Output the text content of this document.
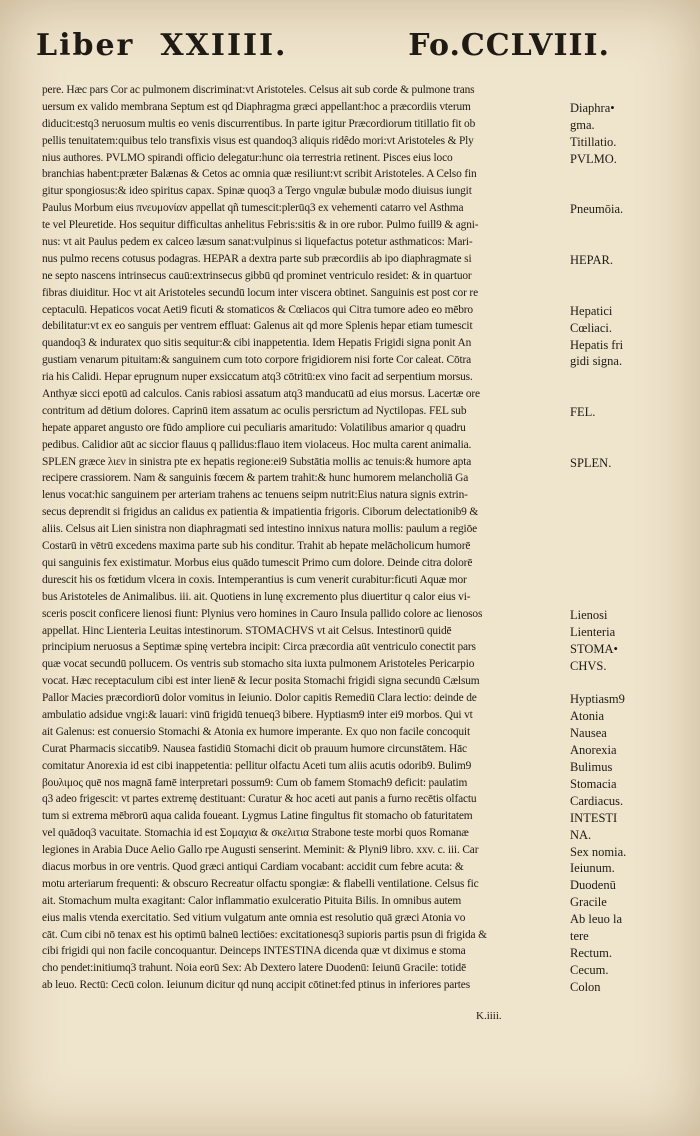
Liber XXIIII.	Fo.CCLVIII.
pere. Hæc pars Cor ac pulmonem discriminat:vt Aristoteles. Celsus ait sub corde & pulmone trans
uersum ex valido membrana Septum est qd Diaphragma græci appellant:hoc a præcordiis vterum
diducit:estq3 neruosum multis eo venis discurrentibus. In parte igitur Præcordiorum titillatio fit ob
pellis tenuitatem:quibus telo transfixis visus est quandoq3 aliquis ridêdo mori:vt Aristoteles & Ply
nius authores. PVLMO spirandi officio delegatur:hunc oia terrestria retinent. Pisces eius loco
branchias habent:præter Balænas & Cetos ac omnia quæ resiliunt:vt scribit Aristoteles. A Celso fin
gitur spongiosus:& ideo spiritus capax. Spinæ quoq3 a Tergo vngulæ bubulæ modo diuisus iungit
Paulus Morbum eius πνευμονίαν appellat qñ tumescit:plerūq3 ex vehementi catarro vel Asthma
te vel Pleuretide. Hos sequitur difficultas anhelitus Febris:sitis & in ore rubor. Pulmo fuill9 & agni-
nus: vt ait Paulus pedem ex calceo læsum sanat:vulpinus si liquefactus potetur asthmaticos: Mari-
nus pulmo recens cotusus podagras. HEPAR a dextra parte sub præcordiis ab ipo diaphragmate si
ne septo nascens intrinsecus cauū:extrinsecus gibbū qd prominet ventriculo residet: & in quartuor
fibras diuiditur. Hoc vt ait Aristoteles secundū locum inter viscera obtinet. Sanguinis est post cor re
ceptaculū. Hepaticos vocat Aeti9 ficuti & stomaticos & Cœliacos qui Citra tumore adeo eo mēbro
debilitatur:vt ex eo sanguis per ventrem effluat: Galenus ait qd more Splenis hepar etiam tumescit
quandoq3 & induratex quo sitis sequitur:& cibi inappetentia. Idem Hepatis Frigidi signa ponit An
gustiam venarum pituitam:& sanguinem cum toto corpore frigidiorem nisi forte Cor caleat. Cōtra
ria his Calidi. Hepar eprugnum nuper exsiccatum atq3 cōtritū:ex vino facit ad serpentium morsus.
Anthyæ sicci epotū ad calculos. Canis rabiosi assatum atq3 manducatū ad eius morsus. Lacertæ ore
contritum ad dētium dolores. Caprinū item assatum ac oculis persrictum ad Nyctilopas. FEL sub
hepate apparet angusto ore fūdo ampliore cui peculiaris amaritudo: Volatilibus amarior q quadru
pedibus. Calidior aūt ac siccior flauus q pallidus:flauo item violaceus. Hoc multa carent animalia.
SPLEN græce λιεν in sinistra pte ex hepatis regione:ei9 Substātia mollis ac tenuis:& humore apta
recipere crassiorem. Nam & sanguinis fœcem & partem trahit:& hunc humorem melancholiā Ga
lenus vocat:hic sanguinem per arteriam trahens ac tenuens seipm nutrit:Eius natura signis extrin-
secus deprendit si frigidus an calidus ex patientia & impatientia frigoris. Ciborum delectationib9 &
aliis. Celsus ait Lien sinistra non diaphragmati sed intestino innixus natura mollis: paulum a regiōe
Costarū in vētrū excedens maxima parte sub his conditur. Trahit ab hepate melācholicum humorē
qui sanguinis fex existimatur. Morbus eius quādo tumescit Primo cum dolore. Deinde citra dolorē
durescit his os fœtidum vlcera in coxis. Intemperantius is cum venerit curabitur:ficuti Aquæ mor
bus Aristoteles de Animalibus. iii. ait. Quotiens in lunę excremento plus diuertitur q calor eius vi-
sceris poscit conficere lienosi fiunt: Plynius vero homines in Cauro Insula pallido colore ac lienosos
appellat. Hinc Lienteria Leuitas intestinorum. STOMACHVS vt ait Celsus. Intestinorū quidē
principium neruosus a Septimæ spinę vertebra incipit: Circa præcordia aūt ventriculo conectit pars
quæ vocat secundū pollucem. Os ventris sub stomacho sita iuxta pulmonem Aristoteles Pericarpio
vocat. Hæc receptaculum cibi est inter lienē & Iecur posita Stomachi frigidi signa secundū Cælsum
Pallor Macies præcordiorū dolor vomitus in Ieiunio. Dolor capitis Remediū Clara lectio: deinde de
ambulatio adsidue vngi:& lauari: vinū frigidū tenueq3 bibere. Hyptiasm9 inter ei9 morbos. Qui vt
ait Galenus: est conuersio Stomachi & Atonia ex humore imperante. Ex quo non facile concoquit
Curat Pharmacis siccatib9. Nausea fastidiū Stomachi dicit ob prauum humore circunstātem. Hāc
comitatur Anorexia id est cibi inappetentia: pellitur olfactu Aceti tum aliis acutis odorib9. Bulim9
βουλιμος quē nos magnā famē interpretari possum9: Cum ob famem Stomach9 deficit: paulatim
q3 adeo frigescit: vt partes extremę destituant: Curatur & hoc aceti aut panis a furno recētis olfactu
tum si extrema mēbrorū aqua calida foueant. Lygmus Latine fingultus fit stomacho ob faturitatem
vel quādoq3 vacuitate. Stomachia id est Σομαχια & σκελιτια Strabone teste morbi quos Romanæ
legiones in Arabia Duce Aelio Gallo rpe Augusti senserint. Meminit: & Plyni9 libro. xxv. c. iii. Car
diacus morbus in ore ventris. Quod græci antiqui Cardiam vocabant: accidit cum febre acuta: &
motu arteriarum frequenti: & obscuro Recreatur olfactu spongiæ: & flabelli ventilatione. Celsus fic
ait. Stomachum multa exagitant: Calor inflammatio exulceratio Pituita Bilis. In omnibus autem
eius malis vtenda exercitatio. Sed vitium vulgatum ante omnia est resolutio quā græci Atonia vo
cāt. Cum cibi nō tenax est his optimū balneū lectiōes: excitationesq3 supioris partis psun di frigida &
cibi frigidi qui non facile concoquantur. Deinceps INTESTINA dicenda quæ vt diximus e stoma
cho pendet:initiumq3 trahunt. Noia eorū Sex: Ab Dextero latere Duodenū: Ieiunū Gracile: totidē
ab leuo. Rectū: Cecū colon. Ieiunum dicitur qd nunq accipit cōtinet:fed ptinus in inferiores partes
Diaphra•
gma.
Titillatio.
PVLMO.
Pneumōia.
HEPAR.
Hepatici
Cœliaci.
Hepatis fri
gidi signa.
FEL.
SPLEN.
Lienosi
Lienteria
STOMA•
CHVS.
Hyptiasm9
Atonia
Nausea
Anorexia
Bulimus
Stomacia
Cardiacus.
INTESTI
NA.
Sex nomia.
Ieiunum.
Duodenū
Gracile
Ab leuo la
tere
Rectum.
Cecum.
Colon
K.iiii.
